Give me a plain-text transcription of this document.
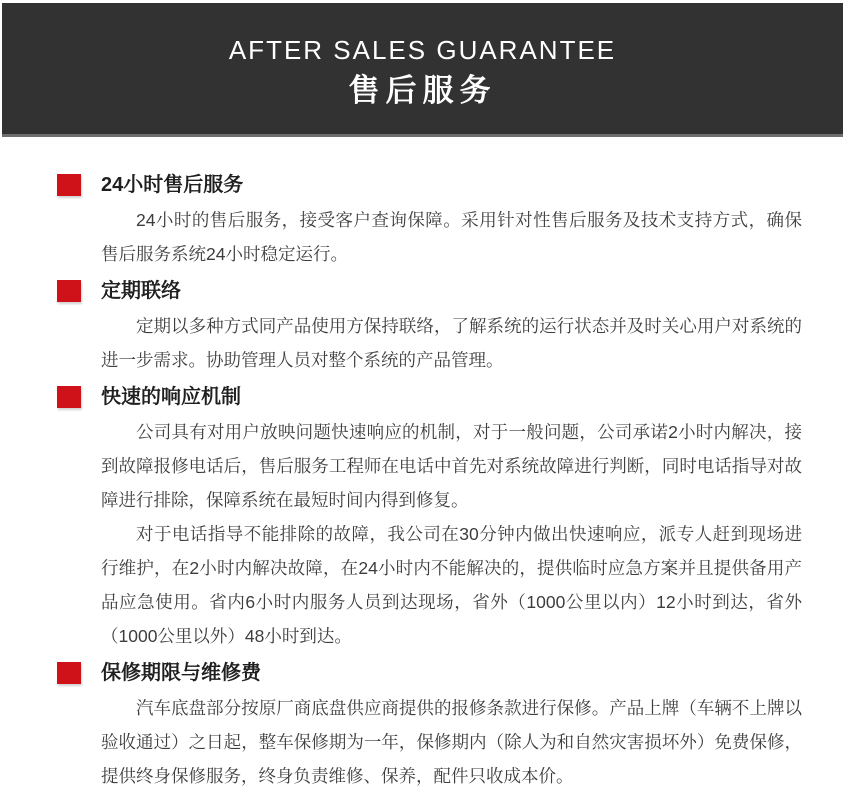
AFTER SALES GUARANTEE
售后服务
24小时售后服务

24小时的售后服务，接受客户查询保障。采用针对性售后服务及技术支持方式，确保售后服务系统24小时稳定运行。

定期联络

定期以多种方式同产品使用方保持联络，了解系统的运行状态并及时关心用户对系统的进一步需求。协助管理人员对整个系统的产品管理。

快速的响应机制

公司具有对用户放映问题快速响应的机制，对于一般问题，公司承诺2小时内解决，接到故障报修电话后，售后服务工程师在电话中首先对系统故障进行判断，同时电话指导对故障进行排除，保障系统在最短时间内得到修复。

对于电话指导不能排除的故障，我公司在30分钟内做出快速响应，派专人赶到现场进行维护，在2小时内解决故障，在24小时内不能解决的，提供临时应急方案并且提供备用产品应急使用。省内6小时内服务人员到达现场，省外（1000公里以内）12小时到达，省外（1000公里以外）48小时到达。

保修期限与维修费

汽车底盘部分按原厂商底盘供应商提供的报修条款进行保修。产品上牌（车辆不上牌以验收通过）之日起，整车保修期为一年，保修期内（除人为和自然灾害损坏外）免费保修，提供终身保修服务，终身负责维修、保养，配件只收成本价。
